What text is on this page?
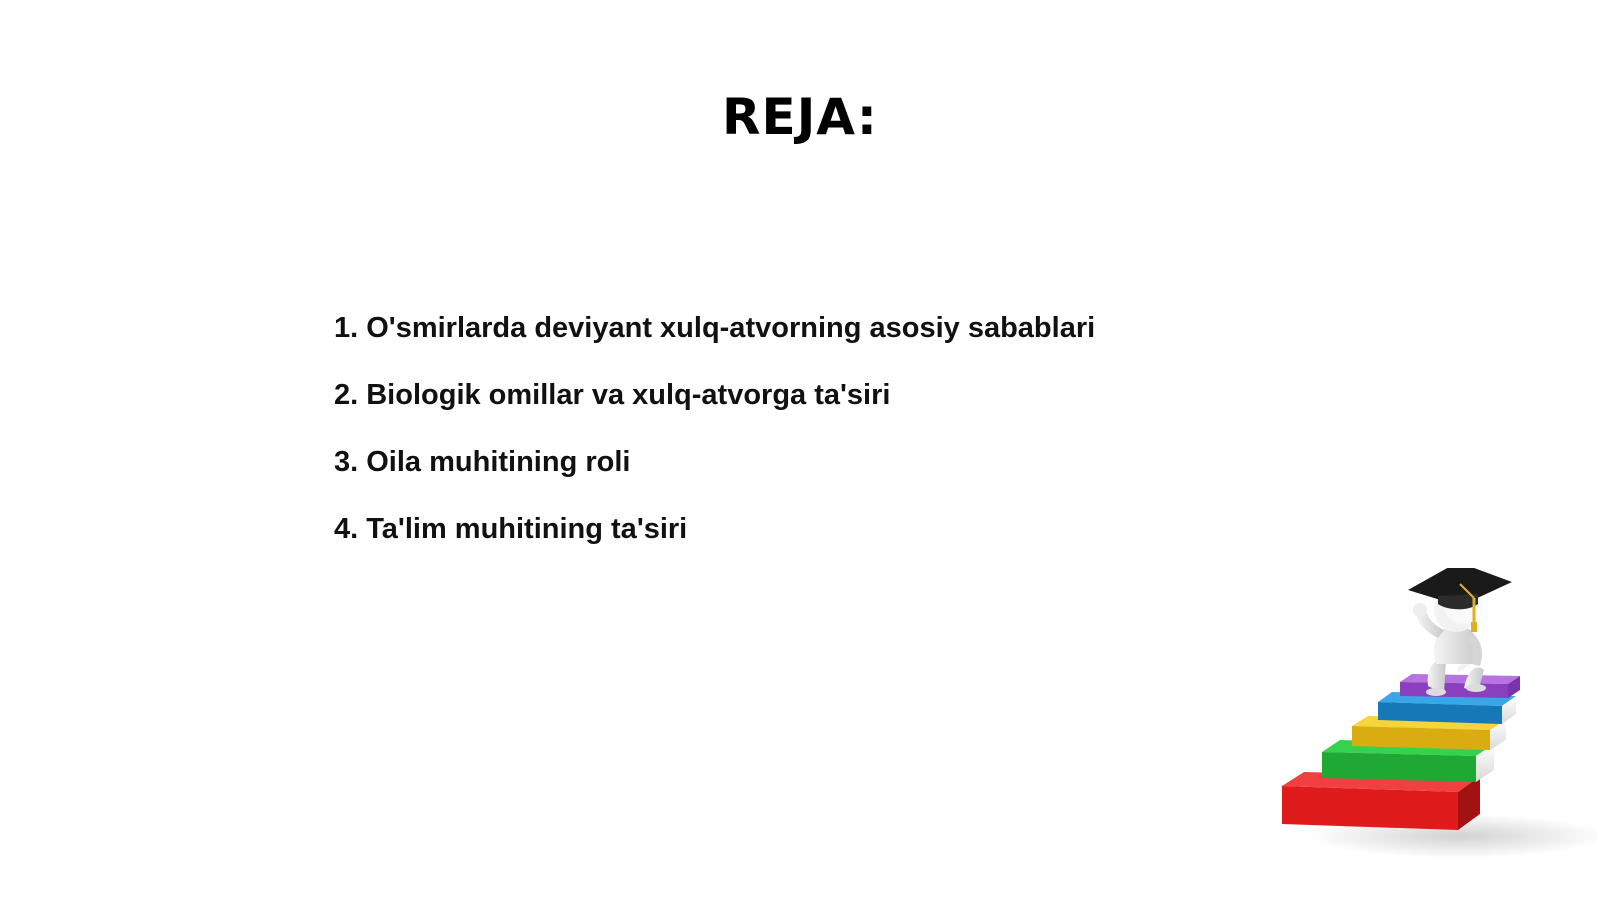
REJA:
1. O'smirlarda deviyant xulq-atvorning asosiy sabablari
2. Biologik omillar va xulq-atvorga ta'siri
3. Oila muhitining roli
4. Ta'lim muhitining ta'siri
